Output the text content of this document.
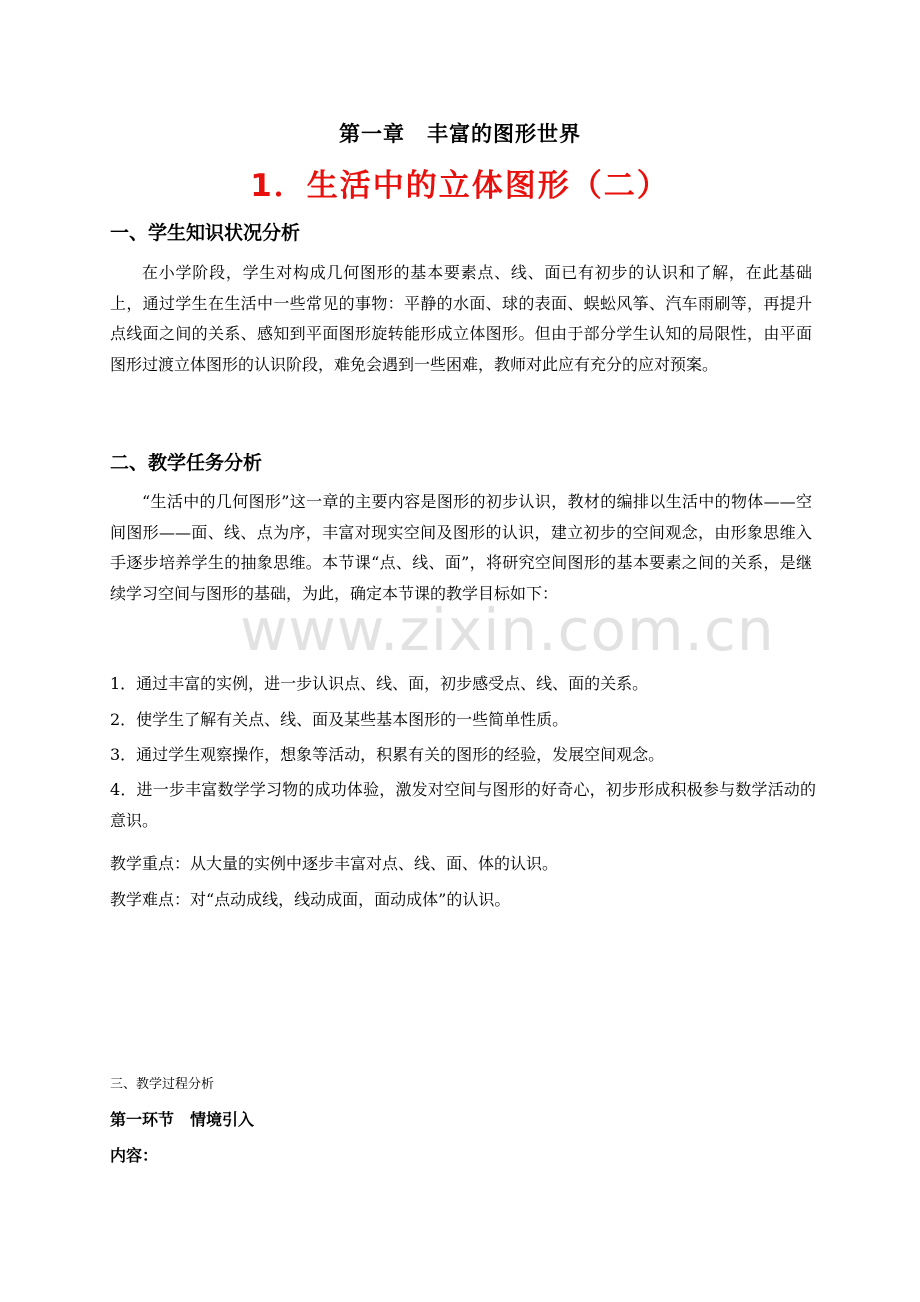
第一章　丰富的图形世界
1．生活中的立体图形（二）
一、学生知识状况分析
在小学阶段，学生对构成几何图形的基本要素点、线、面已有初步的认识和了解，在此基础上，通过学生在生活中一些常见的事物：平静的水面、球的表面、蜈蚣风筝、汽车雨刷等，再提升点线面之间的关系、感知到平面图形旋转能形成立体图形。但由于部分学生认知的局限性，由平面图形过渡立体图形的认识阶段，难免会遇到一些困难，教师对此应有充分的应对预案。
二、教学任务分析
“生活中的几何图形”这一章的主要内容是图形的初步认识，教材的编排以生活中的物体——空间图形——面、线、点为序，丰富对现实空间及图形的认识，建立初步的空间观念，由形象思维入手逐步培养学生的抽象思维。本节课“点、线、面”，将研究空间图形的基本要素之间的关系，是继续学习空间与图形的基础，为此，确定本节课的教学目标如下：
1．通过丰富的实例，进一步认识点、线、面，初步感受点、线、面的关系。
2．使学生了解有关点、线、面及某些基本图形的一些简单性质。
3．通过学生观察操作，想象等活动，积累有关的图形的经验，发展空间观念。
4．进一步丰富数学学习物的成功体验，激发对空间与图形的好奇心，初步形成积极参与数学活动的意识。
教学重点：从大量的实例中逐步丰富对点、线、面、体的认识。
教学难点：对“点动成线，线动成面，面动成体”的认识。
三、教学过程分析
第一环节　情境引入
内容：
www.zixin.com.cn
